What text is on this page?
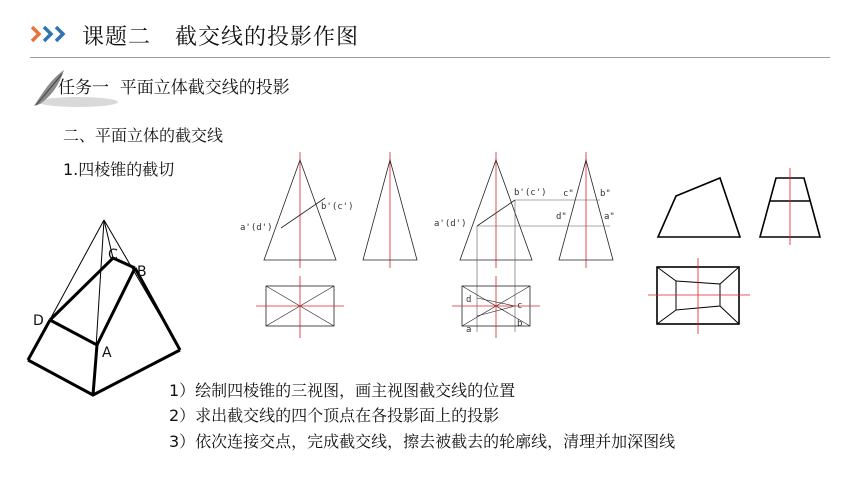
课题二   截交线的投影作图
任务一  平面立体截交线的投影
二、平面立体的截交线
1.四棱锥的截切
D
A
B
C
a'(d')
b'(c')
a'(d')
b'(c') c"	b"
d"	a"
d
a
c
b
1）绘制四棱锥的三视图，画主视图截交线的位置
2）求出截交线的四个顶点在各投影面上的投影
3）依次连接交点，完成截交线，擦去被截去的轮廓线，清理并加深图线
